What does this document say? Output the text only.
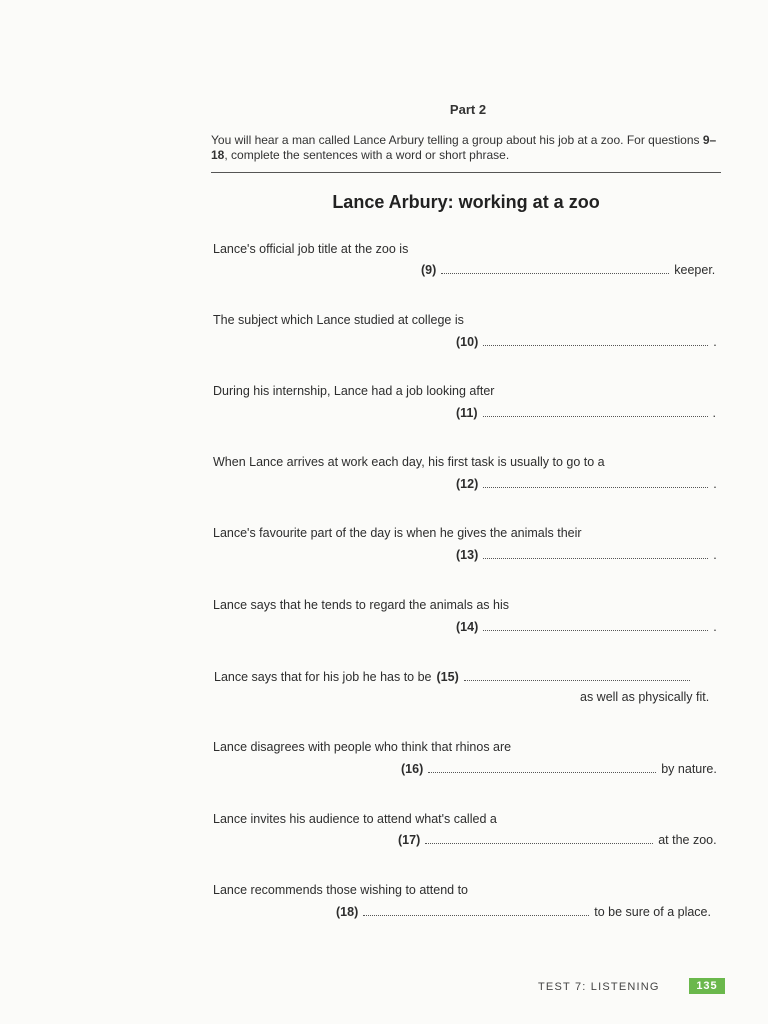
Part 2
You will hear a man called Lance Arbury telling a group about his job at a zoo. For questions 9–18, complete the sentences with a word or short phrase.
Lance Arbury: working at a zoo
Lance's official job title at the zoo is
(9)	keeper.
The subject which Lance studied at college is
(10)	.
During his internship, Lance had a job looking after
(11)	.
When Lance arrives at work each day, his first task is usually to go to a
(12)	.
Lance's favourite part of the day is when he gives the animals their
(13)	.
Lance says that he tends to regard the animals as his
(14)	.
Lance says that for his job he has to be (15)
as well as physically fit.
Lance disagrees with people who think that rhinos are
(16)	by nature.
Lance invites his audience to attend what's called a
(17)	at the zoo.
Lance recommends those wishing to attend to
(18)	to be sure of a place.
TEST 7: LISTENING	135
